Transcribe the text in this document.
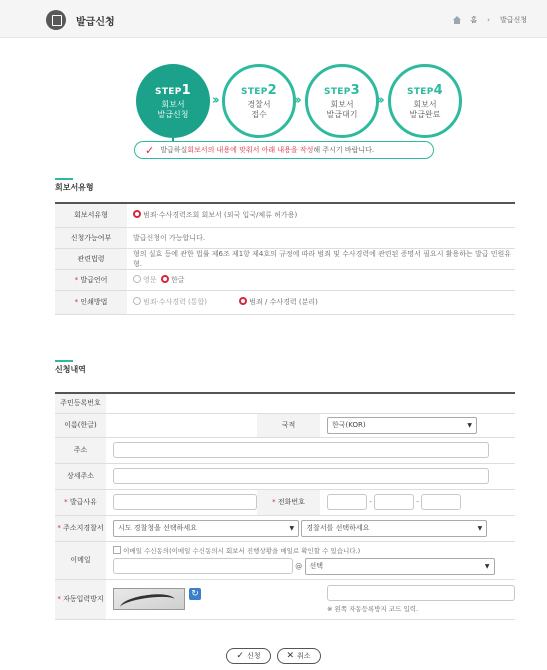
발급신청	홈 › 발급신청
STEP1
회보서
발급신청
››
STEP2
경찰서
접수
››
STEP3
회보서
발급대기
››
STEP4
회보서
발급완료
✓ 발급하실 회보서의 내용에 맞춰서 아래 내용을 작성 해 주시기 바랍니다.
회보서유형
회보서유형	범죄·수사경력조회 회보서 (외국 입국/체류 허가용)
신청가능여부	발급신청이 가능합니다.
관련법령	형의 실효 등에 관한 법률 제6조 제1항 제4호의 규정에 따라 범죄 및 수사경력에 관련된 증명서 필요시 활용하는 발급 민원유형.
* 발급언어	영문 한글
* 인쇄방법	범죄·수사경력 (통합) 범죄 / 수사경력 (분리)
신청내역
주민등록번호			
이름(한글)		국적	한국(KOR) ▼

주소			
상세주소			
* 발급사유		* 전화번호	- -
* 주소지경찰서	시도 경찰청을 선택하세요 ▼
경찰서를 선택하세요 ▼		

이메일	이메일 수신동의(이메일 수신동의시 회보서 진행상황을 메일로 확인할 수 있습니다.)
@ 선택 ▼		

* 자동입력방지	↻		※ 왼쪽 자동등록방지 코드 입력.
✓ 신청	✕ 취소
